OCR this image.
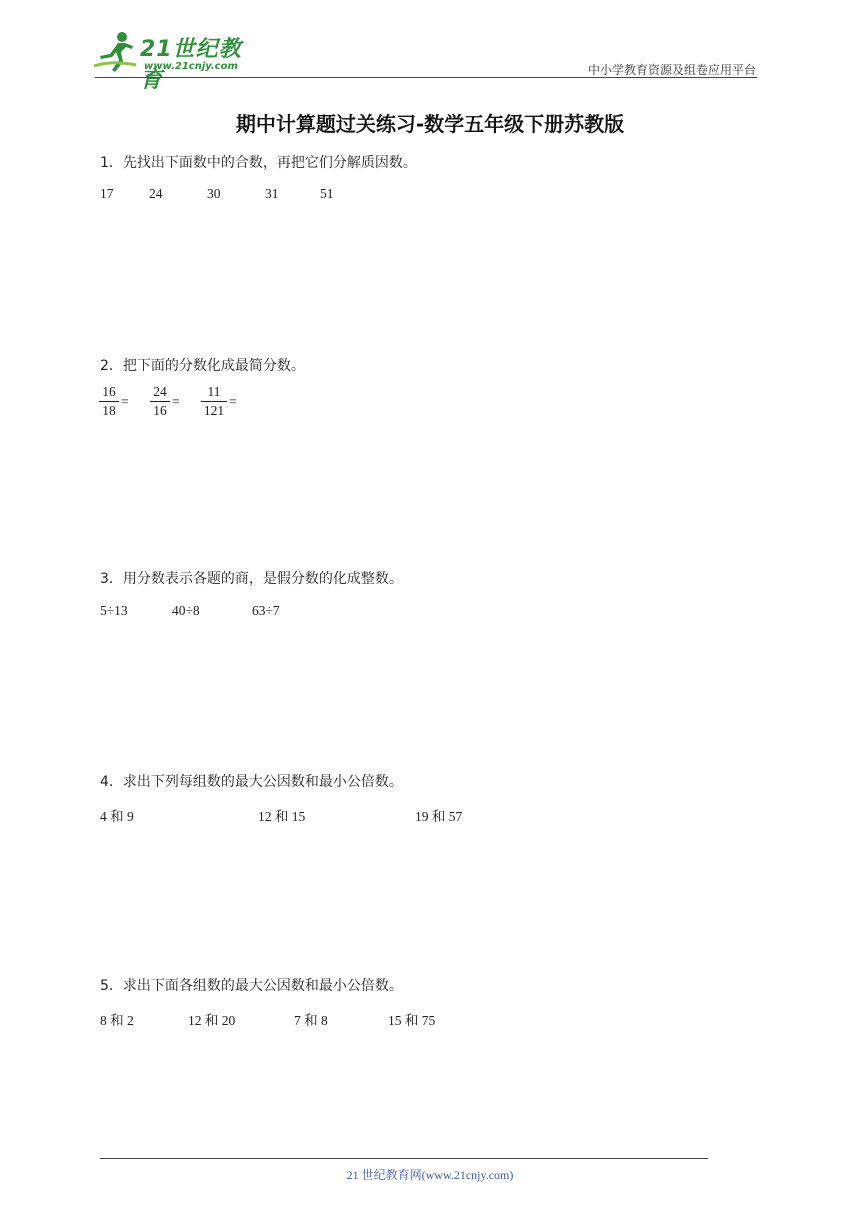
21世纪教育
www.21cnjy.com	中小学教育资源及组卷应用平台
期中计算题过关练习-数学五年级下册苏教版
1．先找出下面数中的合数，再把它们分解质因数。
17	24	30	31	51
2．把下面的分数化成最简分数。
16
18
=
24
16
=
11
121
=
3．用分数表示各题的商，是假分数的化成整数。
5÷13	40÷8	63÷7
4．求出下列每组数的最大公因数和最小公倍数。
4 和 9	12 和 15	19 和 57
5．求出下面各组数的最大公因数和最小公倍数。
8 和 2	12 和 20	7 和 8	15 和 75
21 世纪教育网(www.21cnjy.com)
